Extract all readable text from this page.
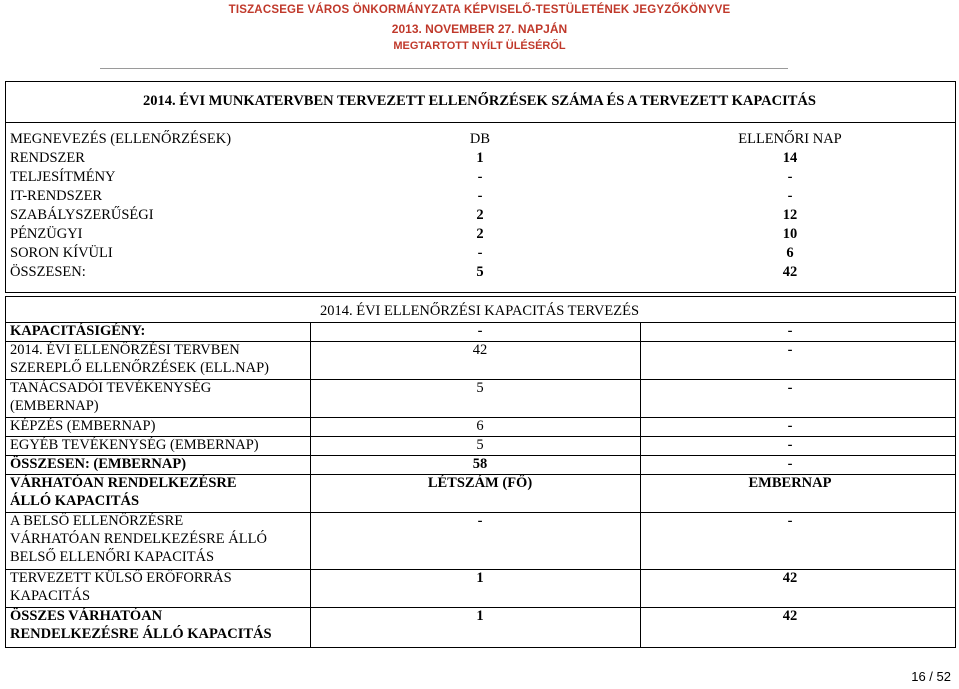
TISZACSEGE VÁROS ÖNKORMÁNYZATA KÉPVISELŐ-TESTÜLETÉNEK JEGYZŐKÖNYVE
2013. NOVEMBER 27. NAPJÁN
MEGTARTOTT NYÍLT ÜLÉSÉRŐL
2014. ÉVI MUNKATERVBEN TERVEZETT ELLENŐRZÉSEK SZÁMA ÉS A TERVEZETT KAPACITÁS
MEGNEVEZÉS (ELLENŐRZÉSEK)	DB	ELLENŐRI NAP
RENDSZER	1	14
TELJESÍTMÉNY	-	-
IT-RENDSZER	-	-
SZABÁLYSZERŰSÉGI	2	12
PÉNZÜGYI	2	10
SORON KÍVÜLI	-	6
ÖSSZESEN:	5	42
2014. ÉVI ELLENŐRZÉSI KAPACITÁS TERVEZÉS
KAPACITÁSIGÉNY:	-	-
2014. ÉVI ELLENŐRZÉSI TERVBEN
SZEREPLŐ ELLENŐRZÉSEK (ELL.NAP)
42	-
TANÁCSADÓI TEVÉKENYSÉG
(EMBERNAP)
5	-
KÉPZÉS (EMBERNAP)	6	-
EGYÉB TEVÉKENYSÉG (EMBERNAP)	5	-
ÖSSZESEN: (EMBERNAP)	58	-
VÁRHATÓAN RENDELKEZÉSRE
ÁLLÓ KAPACITÁS
LÉTSZÁM (FŐ)	EMBERNAP
A BELSŐ ELLENŐRZÉSRE
VÁRHATÓAN RENDELKEZÉSRE ÁLLÓ
BELSŐ ELLENŐRI KAPACITÁS
-	-
TERVEZETT KÜLSŐ ERŐFORRÁS
KAPACITÁS
1	42
ÖSSZES VÁRHATÓAN
RENDELKEZÉSRE ÁLLÓ KAPACITÁS
1	42
16 / 52
